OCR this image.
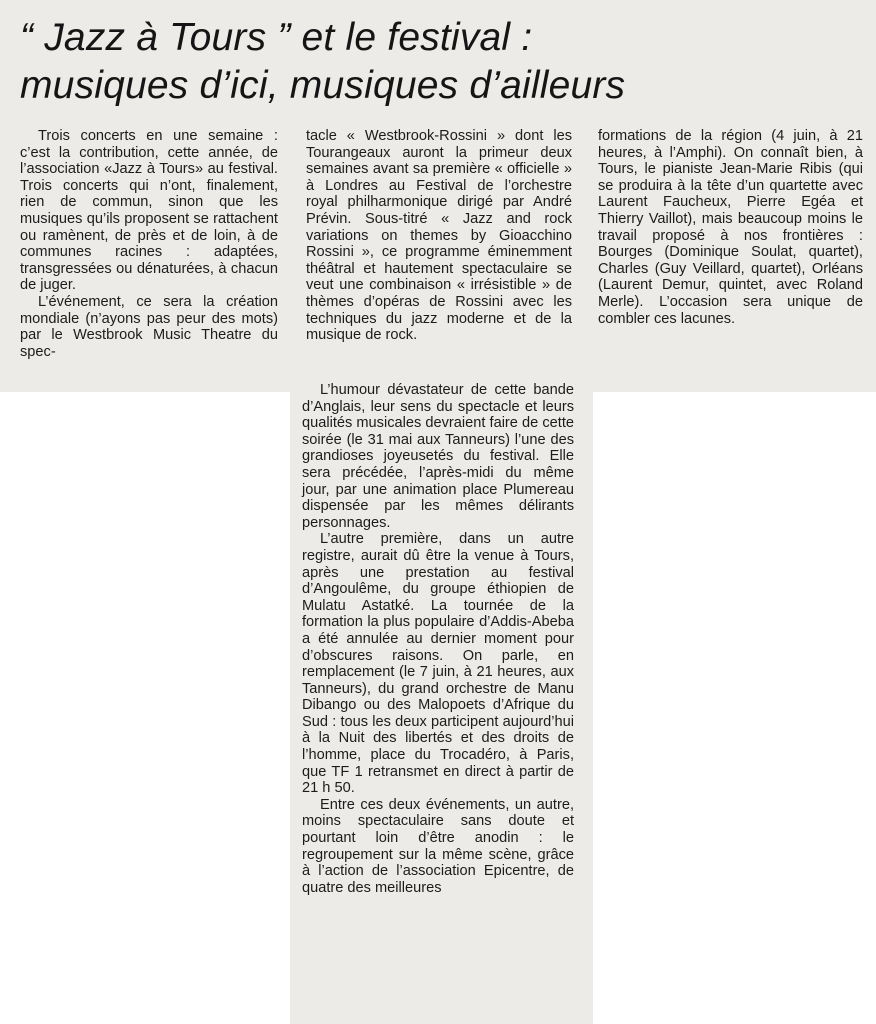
“ Jazz à Tours ” et le festival :
musiques d’ici, musiques d’ailleurs

Trois concerts en une semaine : c’est la contribution, cette année, de l’association «Jazz à Tours» au festival. Trois concerts qui n’ont, finalement, rien de commun, sinon que les musiques qu’ils proposent se rattachent ou ramènent, de près et de loin, à de communes racines : adaptées, transgressées ou dénaturées, à chacun de juger.

L’événement, ce sera la création mondiale (n’ayons pas peur des mots) par le Westbrook Music Theatre du spec-

tacle « Westbrook-Rossini » dont les Tourangeaux auront la primeur deux semaines avant sa première « officielle » à Londres au Festival de l’orchestre royal philharmonique dirigé par André Prévin. Sous-titré « Jazz and rock variations on themes by Gioacchino Rossini », ce programme éminemment théâtral et hautement spectaculaire se veut une combinaison « irrésistible » de thèmes d’opéras de Rossini avec les techniques du jazz moderne et de la musique de rock.

formations de la région (4 juin, à 21 heures, à l’Amphi). On connaît bien, à Tours, le pianiste Jean-Marie Ribis (qui se produira à la tête d’un quartette avec Laurent Faucheux, Pierre Egéa et Thierry Vaillot), mais beaucoup moins le travail proposé à nos frontières : Bourges (Dominique Soulat, quartet), Charles (Guy Veillard, quartet), Orléans (Laurent Demur, quintet, avec Roland Merle). L’occasion sera unique de combler ces lacunes.

L’humour dévastateur de cette bande d’Anglais, leur sens du spectacle et leurs qualités musicales devraient faire de cette soirée (le 31 mai aux Tanneurs) l’une des grandioses joyeusetés du festival. Elle sera précédée, l’après-midi du même jour, par une animation place Plumereau dispensée par les mêmes délirants personnages.

L’autre première, dans un autre registre, aurait dû être la venue à Tours, après une prestation au festival d’Angoulême, du groupe éthiopien de Mulatu Astatké. La tournée de la formation la plus populaire d’Addis-Abeba a été annulée au dernier moment pour d’obscures raisons. On parle, en remplacement (le 7 juin, à 21 heures, aux Tanneurs), du grand orchestre de Manu Dibango ou des Malopoets d’Afrique du Sud : tous les deux participent aujourd’hui à la Nuit des libertés et des droits de l’homme, place du Trocadéro, à Paris, que TF 1 retransmet en direct à partir de 21 h 50.

Entre ces deux événements, un autre, moins spectaculaire sans doute et pourtant loin d’être anodin : le regroupement sur la même scène, grâce à l’action de l’association Epicentre, de quatre des meilleures
